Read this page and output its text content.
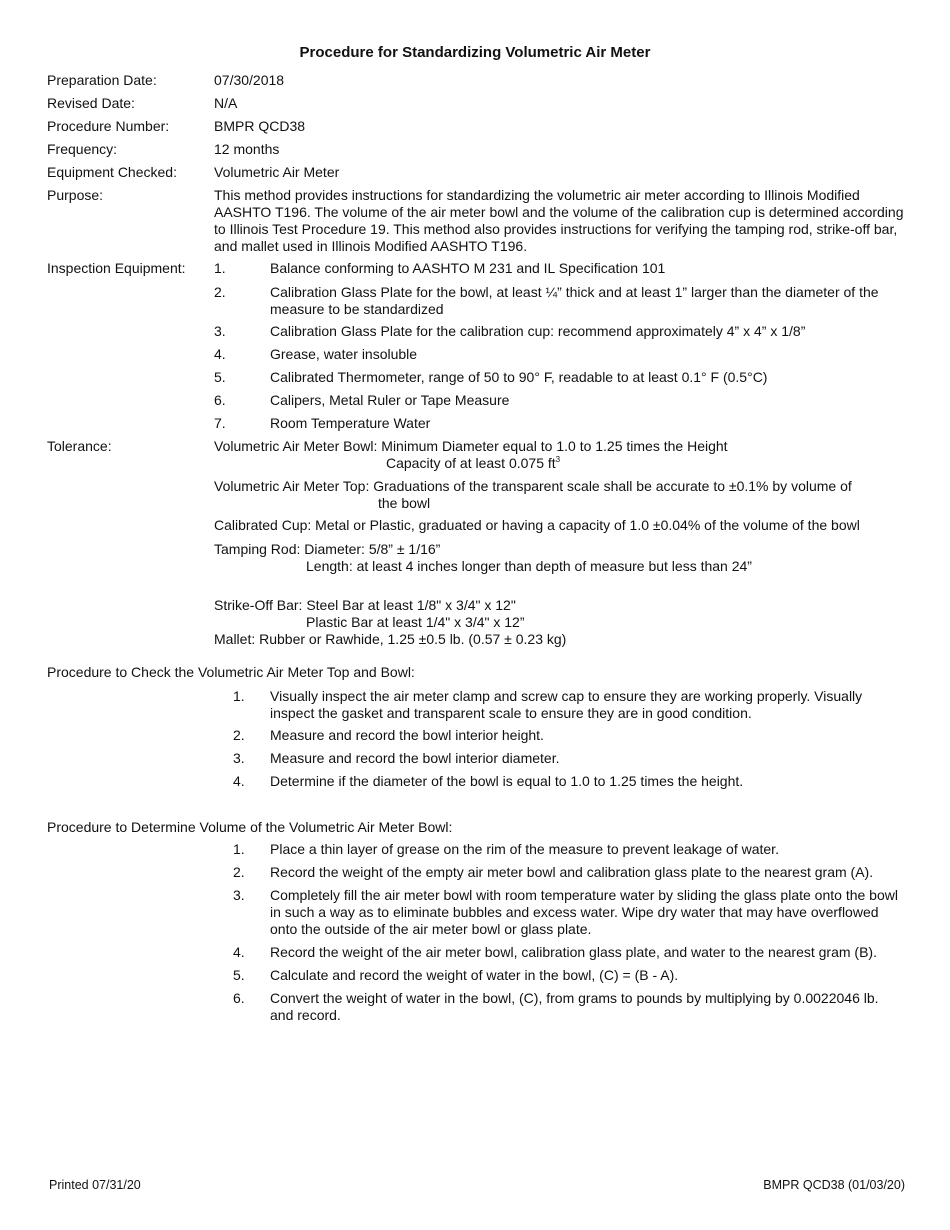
Procedure for Standardizing Volumetric Air Meter
Preparation Date:	07/30/2018
Revised Date:	N/A
Procedure Number:	BMPR QCD38
Frequency:	12 months
Equipment Checked:	Volumetric Air Meter
Purpose:	This method provides instructions for standardizing the volumetric air meter according to Illinois Modified AASHTO T196. The volume of the air meter bowl and the volume of the calibration cup is determined according to Illinois Test Procedure 19. This method also provides instructions for verifying the tamping rod, strike-off bar, and mallet used in Illinois Modified AASHTO T196.
Inspection Equipment: 1.	Balance conforming to AASHTO M 231 and IL Specification 101
2.	Calibration Glass Plate for the bowl, at least ¼” thick and at least 1” larger than the diameter of the measure to be standardized
3.	Calibration Glass Plate for the calibration cup: recommend approximately 4” x 4” x 1/8”
4.	Grease, water insoluble
5.	Calibrated Thermometer, range of 50 to 90° F, readable to at least 0.1° F (0.5°C)
6.	Calipers, Metal Ruler or Tape Measure
7.	Room Temperature Water
Tolerance:	Volumetric Air Meter Bowl: Minimum Diameter equal to 1.0 to 1.25 times the Height
Capacity of at least 0.075 $ft^3$
Volumetric Air Meter Top: Graduations of the transparent scale shall be accurate to ±0.1% by volume of
the bowl
Calibrated Cup: Metal or Plastic, graduated or having a capacity of 1.0 ±0.04% of the volume of the bowl
Tamping Rod: Diameter: 5/8” ± 1/16”
Length: at least 4 inches longer than depth of measure but less than 24”
Strike-Off Bar: Steel Bar at least 1/8" x 3/4" x 12"
Plastic Bar at least 1/4" x 3/4" x 12”
Mallet: Rubber or Rawhide, 1.25 ±0.5 lb. (0.57 ± 0.23 kg)
Procedure to Check the Volumetric Air Meter Top and Bowl:
1. Visually inspect the air meter clamp and screw cap to ensure they are working properly. Visually inspect the gasket and transparent scale to ensure they are in good condition.
2. Measure and record the bowl interior height.
3. Measure and record the bowl interior diameter.
4. Determine if the diameter of the bowl is equal to 1.0 to 1.25 times the height.
Procedure to Determine Volume of the Volumetric Air Meter Bowl:
1. Place a thin layer of grease on the rim of the measure to prevent leakage of water.
2. Record the weight of the empty air meter bowl and calibration glass plate to the nearest gram (A).
3. Completely fill the air meter bowl with room temperature water by sliding the glass plate onto the bowl in such a way as to eliminate bubbles and excess water. Wipe dry water that may have overflowed onto the outside of the air meter bowl or glass plate.
4. Record the weight of the air meter bowl, calibration glass plate, and water to the nearest gram (B).
5. Calculate and record the weight of water in the bowl, (C) = (B - A).
6. Convert the weight of water in the bowl, (C), from grams to pounds by multiplying by 0.0022046 lb. and record.
Printed 07/31/20	BMPR QCD38 (01/03/20)
